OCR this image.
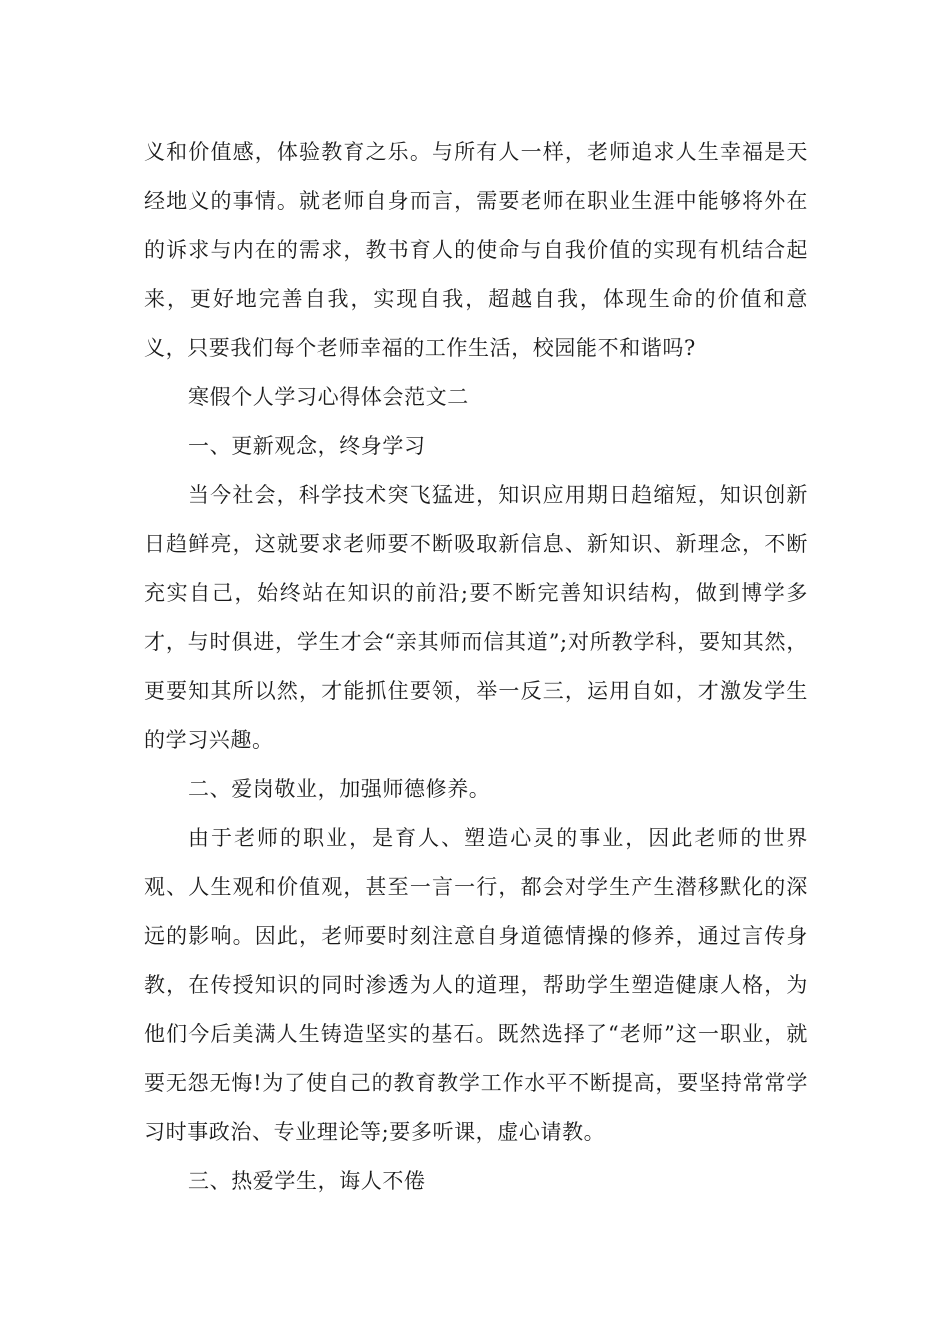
义和价值感，体验教育之乐。与所有人一样，老师追求人生幸福是天经地义的事情。就老师自身而言，需要老师在职业生涯中能够将外在的诉求与内在的需求，教书育人的使命与自我价值的实现有机结合起来，更好地完善自我，实现自我，超越自我，体现生命的价值和意义，只要我们每个老师幸福的工作生活，校园能不和谐吗?

寒假个人学习心得体会范文二

一、更新观念，终身学习

当今社会，科学技术突飞猛进，知识应用期日趋缩短，知识创新日趋鲜亮，这就要求老师要不断吸取新信息、新知识、新理念，不断充实自己，始终站在知识的前沿;要不断完善知识结构，做到博学多才，与时俱进，学生才会“亲其师而信其道”;对所教学科，要知其然，更要知其所以然，才能抓住要领，举一反三，运用自如，才激发学生的学习兴趣。

二、爱岗敬业，加强师德修养。

由于老师的职业，是育人、塑造心灵的事业，因此老师的世界观、人生观和价值观，甚至一言一行，都会对学生产生潜移默化的深远的影响。因此，老师要时刻注意自身道德情操的修养，通过言传身教，在传授知识的同时渗透为人的道理，帮助学生塑造健康人格，为他们今后美满人生铸造坚实的基石。既然选择了“老师”这一职业，就要无怨无悔!为了使自己的教育教学工作水平不断提高，要坚持常常学习时事政治、专业理论等;要多听课，虚心请教。

三、热爱学生，诲人不倦
